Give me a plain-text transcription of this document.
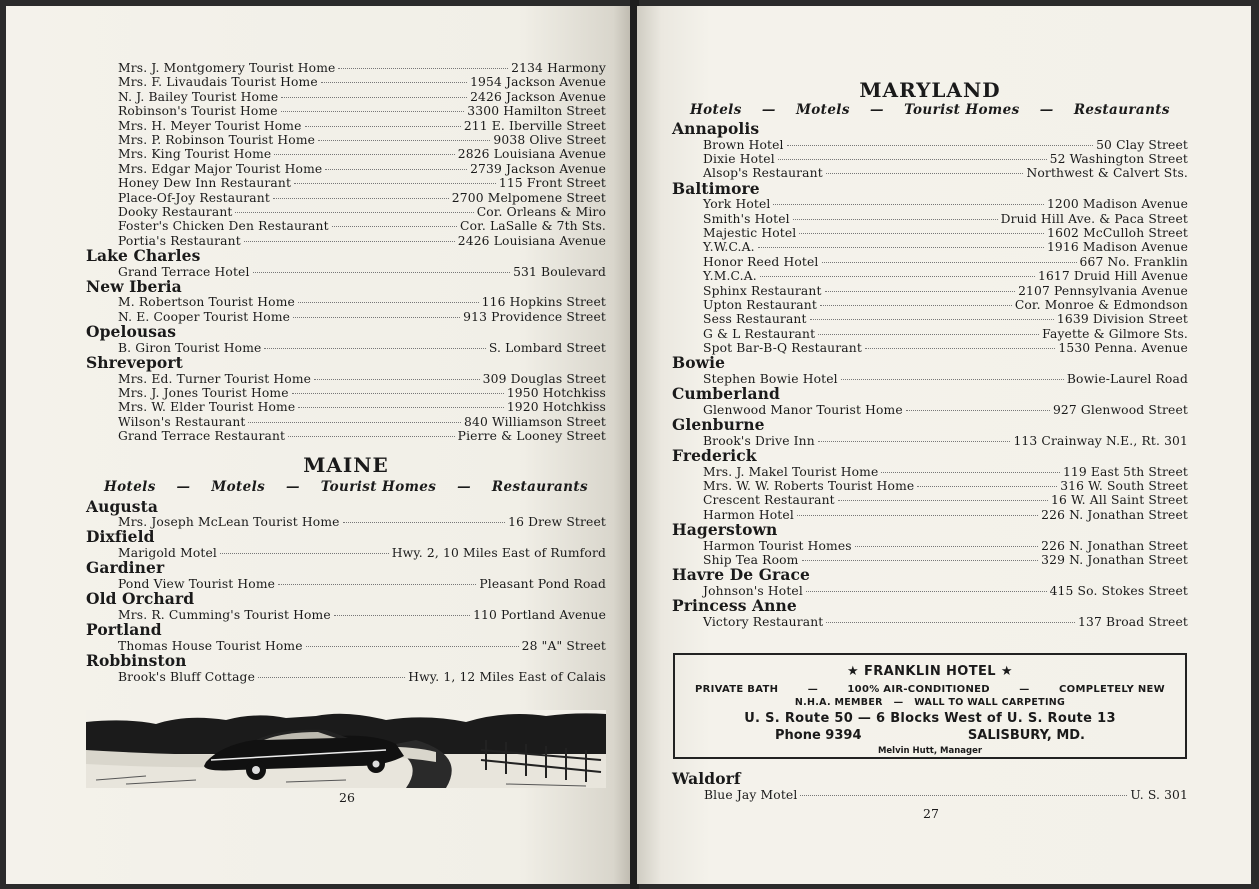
Mrs. J. Montgomery Tourist Home	2134 Harmony
Mrs. F. Livaudais Tourist Home	1954 Jackson Avenue
N. J. Bailey Tourist Home	2426 Jackson Avenue
Robinson's Tourist Home	3300 Hamilton Street
Mrs. H. Meyer Tourist Home	211 E. Iberville Street
Mrs. P. Robinson Tourist Home	9038 Olive Street
Mrs. King Tourist Home	2826 Louisiana Avenue
Mrs. Edgar Major Tourist Home	2739 Jackson Avenue
Honey Dew Inn Restaurant	115 Front Street
Place-Of-Joy Restaurant	2700 Melpomene Street
Dooky Restaurant	Cor. Orleans & Miro
Foster's Chicken Den Restaurant	Cor. LaSalle & 7th Sts.
Portia's Restaurant	2426 Louisiana Avenue
Lake Charles
Grand Terrace Hotel	531 Boulevard
New Iberia
M. Robertson Tourist Home	116 Hopkins Street
N. E. Cooper Tourist Home	913 Providence Street
Opelousas
B. Giron Tourist Home	S. Lombard Street
Shreveport
Mrs. Ed. Turner Tourist Home	309 Douglas Street
Mrs. J. Jones Tourist Home	1950 Hotchkiss
Mrs. W. Elder Tourist Home	1920 Hotchkiss
Wilson's Restaurant	840 Williamson Street
Grand Terrace Restaurant	Pierre & Looney Street
MAINE
Hotels — Motels — Tourist Homes — Restaurants
Augusta
Mrs. Joseph McLean Tourist Home	16 Drew Street
Dixfield
Marigold Motel	Hwy. 2, 10 Miles East of Rumford
Gardiner
Pond View Tourist Home	Pleasant Pond Road
Old Orchard
Mrs. R. Cumming's Tourist Home	110 Portland Avenue
Portland
Thomas House Tourist Home	28 "A" Street
Robbinston
Brook's Bluff Cottage	Hwy. 1, 12 Miles East of Calais
26
MARYLAND
Hotels — Motels — Tourist Homes — Restaurants
Annapolis
Brown Hotel	50 Clay Street
Dixie Hotel	52 Washington Street
Alsop's Restaurant	Northwest & Calvert Sts.
Baltimore
York Hotel	1200 Madison Avenue
Smith's Hotel	Druid Hill Ave. & Paca Street
Majestic Hotel	1602 McCulloh Street
Y.W.C.A.	1916 Madison Avenue
Honor Reed Hotel	667 No. Franklin
Y.M.C.A.	1617 Druid Hill Avenue
Sphinx Restaurant	2107 Pennsylvania Avenue
Upton Restaurant	Cor. Monroe & Edmondson
Sess Restaurant	1639 Division Street
G & L Restaurant	Fayette & Gilmore Sts.
Spot Bar-B-Q Restaurant	1530 Penna. Avenue
Bowie
Stephen Bowie Hotel	Bowie-Laurel Road
Cumberland
Glenwood Manor Tourist Home	927 Glenwood Street
Glenburne
Brook's Drive Inn	113 Crainway N.E., Rt. 301
Frederick
Mrs. J. Makel Tourist Home	119 East 5th Street
Mrs. W. W. Roberts Tourist Home	316 W. South Street
Crescent Restaurant	16 W. All Saint Street
Harmon Hotel	226 N. Jonathan Street
Hagerstown
Harmon Tourist Homes	226 N. Jonathan Street
Ship Tea Room	329 N. Jonathan Street
Havre De Grace
Johnson's Hotel	415 So. Stokes Street
Princess Anne
Victory Restaurant	137 Broad Street
★ FRANKLIN HOTEL ★
PRIVATE BATH	—	100% AIR-CONDITIONED	—	COMPLETELY NEW
N.H.A. MEMBER   —   WALL TO WALL CARPETING
U. S. Route 50 — 6 Blocks West of U. S. Route 13
Phone 9394	SALISBURY, MD.
Melvin Hutt, Manager
Waldorf
Blue Jay Motel	U. S. 301
27
